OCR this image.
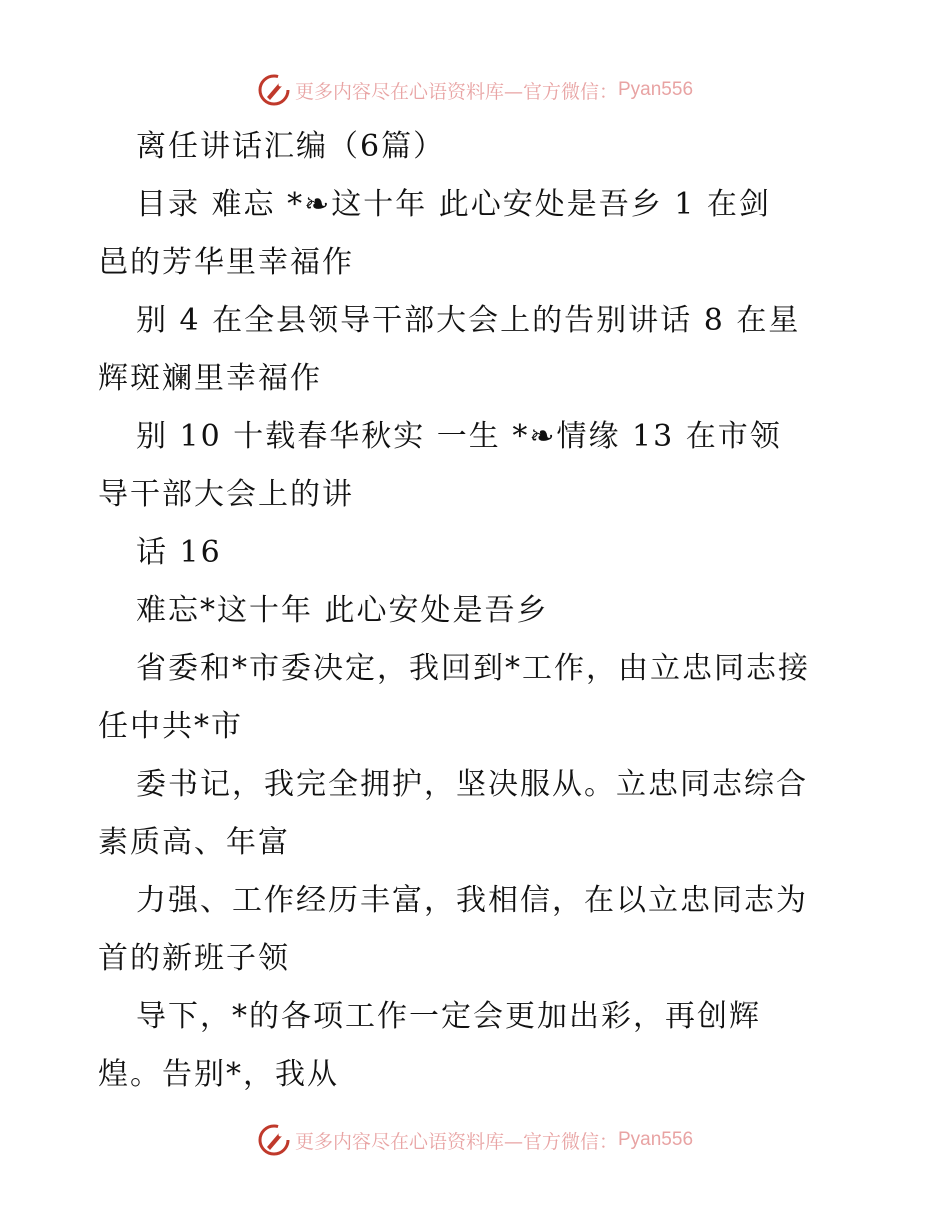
更多内容尽在心语资料库—官方微信： Pyan556
离任讲话汇编（6篇）
目录 难忘 *❧这十年 此心安处是吾乡 1 在剑
邑的芳华里幸福作
别 4 在全县领导干部大会上的告别讲话 8 在星
辉斑斓里幸福作
别 10 十载春华秋实 一生 *❧情缘 13 在市领
导干部大会上的讲
话 16
难忘*这十年 此心安处是吾乡
省委和*市委决定，我回到*工作，由立忠同志接
任中共*市
委书记，我完全拥护，坚决服从。立忠同志综合
素质高、年富
力强、工作经历丰富，我相信，在以立忠同志为
首的新班子领
导下，*的各项工作一定会更加出彩，再创辉
煌。告别*，我从
更多内容尽在心语资料库—官方微信： Pyan556
